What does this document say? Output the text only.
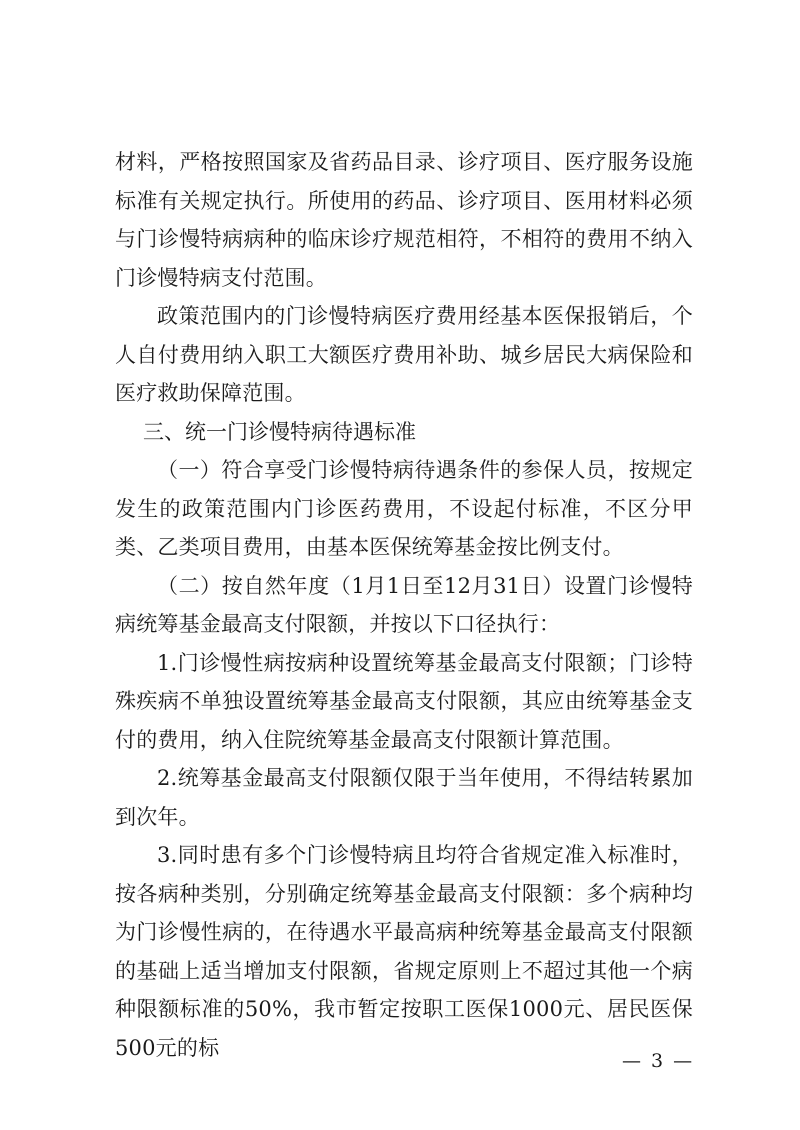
材料，严格按照国家及省药品目录、诊疗项目、医疗服务设施标准有关规定执行。所使用的药品、诊疗项目、医用材料必须与门诊慢特病病种的临床诊疗规范相符，不相符的费用不纳入门诊慢特病支付范围。

政策范围内的门诊慢特病医疗费用经基本医保报销后，个人自付费用纳入职工大额医疗费用补助、城乡居民大病保险和医疗救助保障范围。

三、统一门诊慢特病待遇标准

（一）符合享受门诊慢特病待遇条件的参保人员，按规定发生的政策范围内门诊医药费用，不设起付标准，不区分甲类、乙类项目费用，由基本医保统筹基金按比例支付。

（二）按自然年度（1月1日至12月31日）设置门诊慢特病统筹基金最高支付限额，并按以下口径执行：

1.门诊慢性病按病种设置统筹基金最高支付限额；门诊特殊疾病不单独设置统筹基金最高支付限额，其应由统筹基金支付的费用，纳入住院统筹基金最高支付限额计算范围。

2.统筹基金最高支付限额仅限于当年使用，不得结转累加到次年。

3.同时患有多个门诊慢特病且均符合省规定准入标准时，按各病种类别，分别确定统筹基金最高支付限额：多个病种均为门诊慢性病的，在待遇水平最高病种统筹基金最高支付限额的基础上适当增加支付限额，省规定原则上不超过其他一个病种限额标准的50%，我市暂定按职工医保1000元、居民医保500元的标

— 3 —
